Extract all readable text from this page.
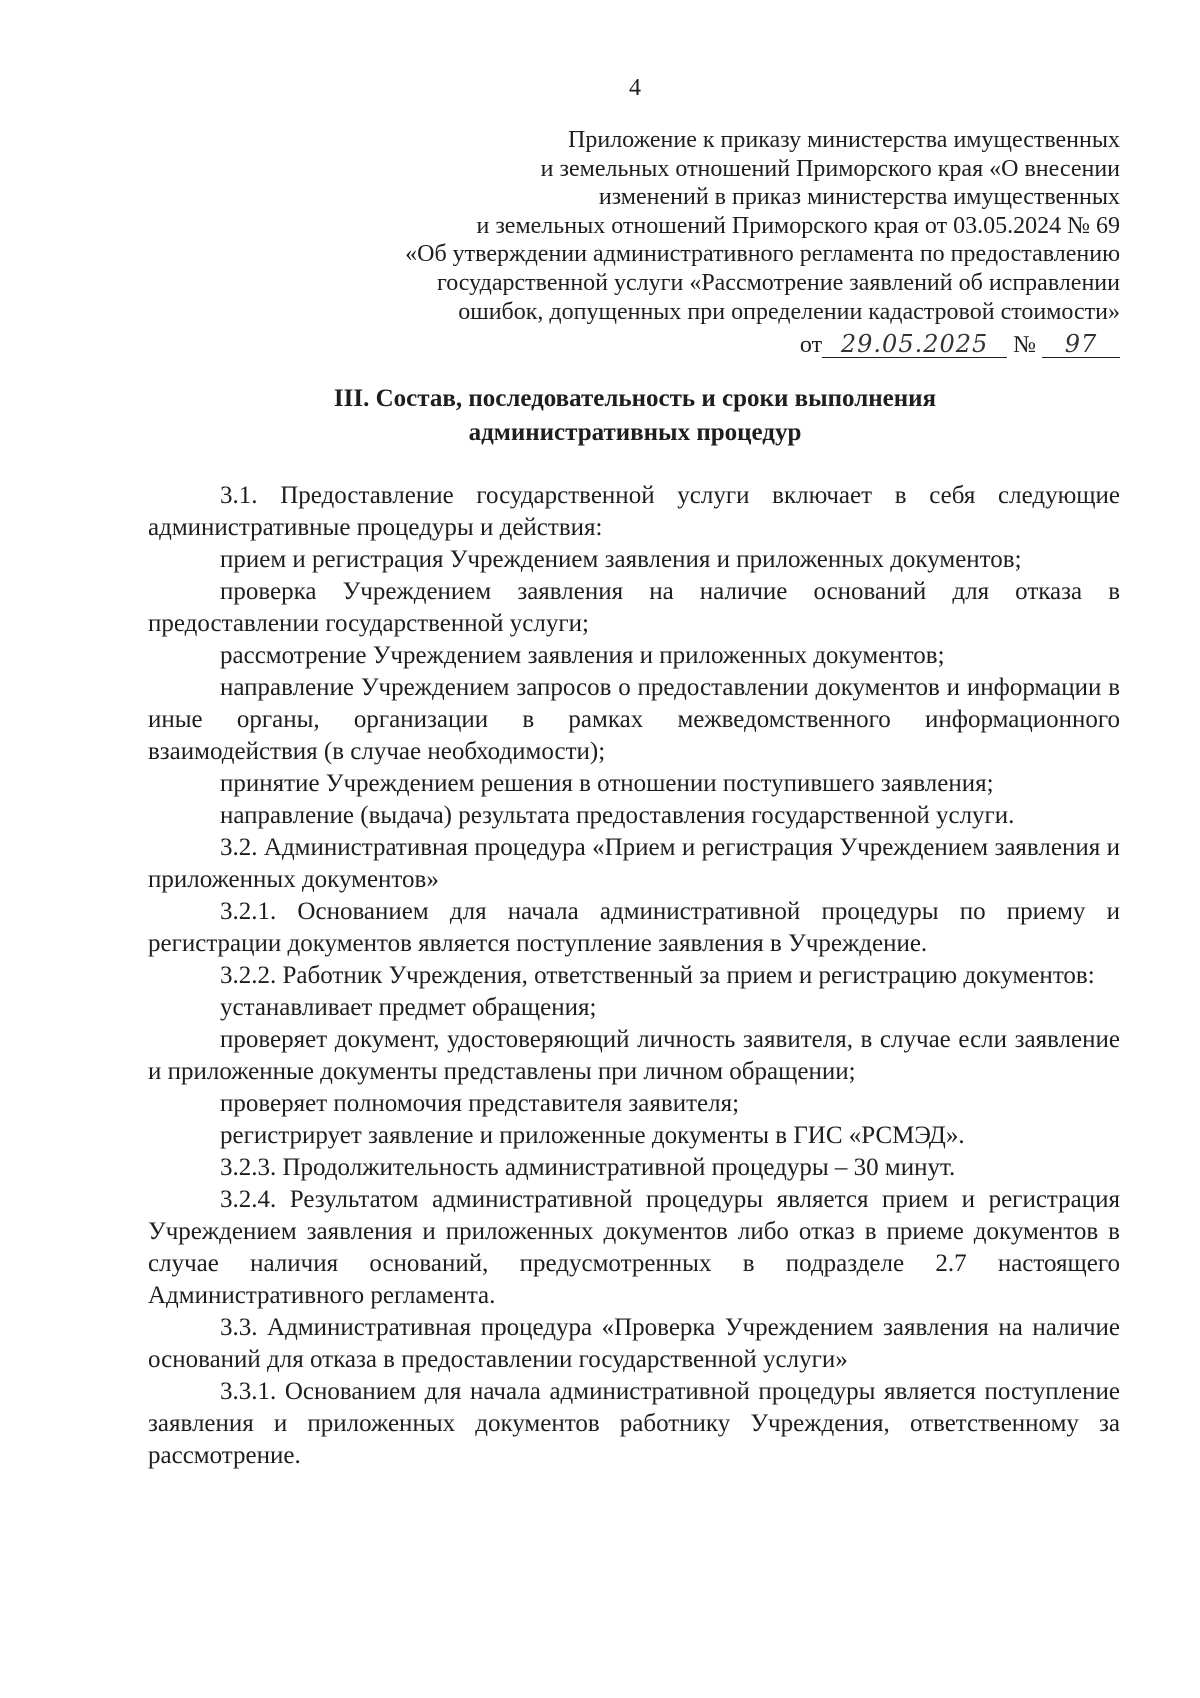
4
Приложение к приказу министерства имущественных
и земельных отношений Приморского края «О внесении
изменений в приказ министерства имущественных
и земельных отношений Приморского края от 03.05.2024 № 69
«Об утверждении административного регламента по предоставлению
государственной услуги «Рассмотрение заявлений об исправлении
ошибок, допущенных при определении кадастровой стоимости»
от 29.05.2025 № 97
III. Состав, последовательность и сроки выполнения
административных процедур

3.1. Предоставление государственной услуги включает в себя следующие административные процедуры и действия:

прием и регистрация Учреждением заявления и приложенных документов;

проверка Учреждением заявления на наличие оснований для отказа в предоставлении государственной услуги;

рассмотрение Учреждением заявления и приложенных документов;

направление Учреждением запросов о предоставлении документов и информации в иные органы, организации в рамках межведомственного информационного взаимодействия (в случае необходимости);

принятие Учреждением решения в отношении поступившего заявления;

направление (выдача) результата предоставления государственной услуги.

3.2. Административная процедура «Прием и регистрация Учреждением заявления и приложенных документов»

3.2.1. Основанием для начала административной процедуры по приему и регистрации документов является поступление заявления в Учреждение.

3.2.2. Работник Учреждения, ответственный за прием и регистрацию документов:

устанавливает предмет обращения;

проверяет документ, удостоверяющий личность заявителя, в случае если заявление и приложенные документы представлены при личном обращении;

проверяет полномочия представителя заявителя;

регистрирует заявление и приложенные документы в ГИС «РСМЭД».

3.2.3. Продолжительность административной процедуры – 30 минут.

3.2.4. Результатом административной процедуры является прием и регистрация Учреждением заявления и приложенных документов либо отказ в приеме документов в случае наличия оснований, предусмотренных в подразделе 2.7 настоящего Административного регламента.

3.3. Административная процедура «Проверка Учреждением заявления на наличие оснований для отказа в предоставлении государственной услуги»

3.3.1. Основанием для начала административной процедуры является поступление заявления и приложенных документов работнику Учреждения, ответственному за рассмотрение.
